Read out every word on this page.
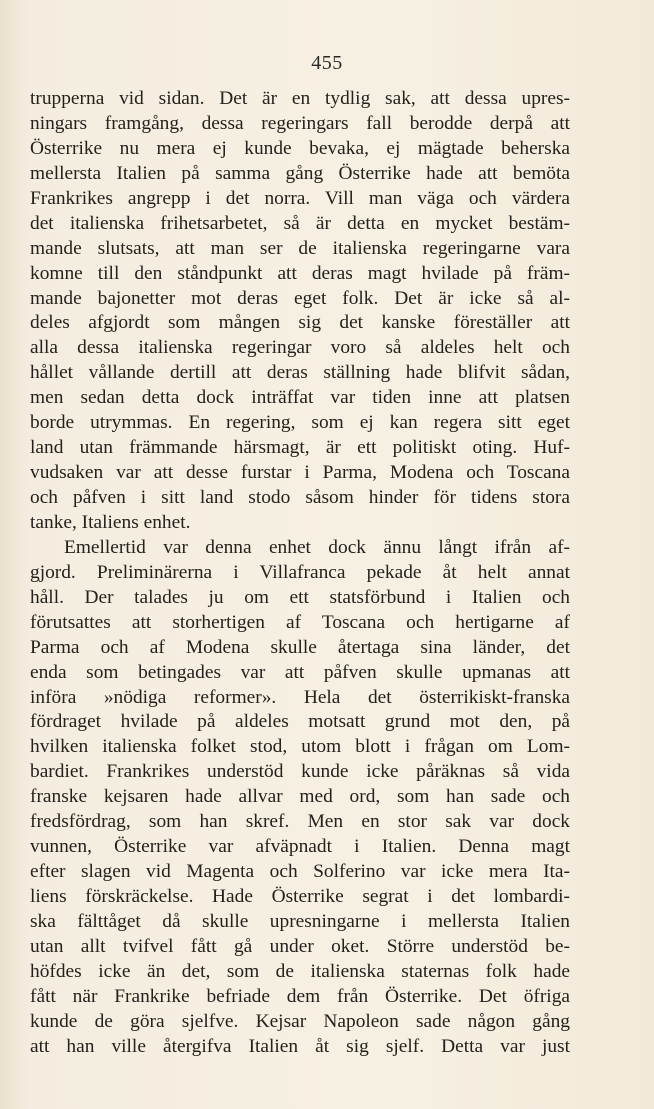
455
trupperna vid sidan. Det är en tydlig sak, att dessa upres-
ningars framgång, dessa regeringars fall berodde derpå att
Österrike nu mera ej kunde bevaka, ej mägtade beherska
mellersta Italien på samma gång Österrike hade att bemöta
Frankrikes angrepp i det norra. Vill man väga och värdera
det italienska frihetsarbetet, så är detta en mycket bestäm-
mande slutsats, att man ser de italienska regeringarne vara
komne till den ståndpunkt att deras magt hvilade på främ-
mande bajonetter mot deras eget folk. Det är icke så al-
deles afgjordt som mången sig det kanske föreställer att
alla dessa italienska regeringar voro så aldeles helt och
hållet vållande dertill att deras ställning hade blifvit sådan,
men sedan detta dock inträffat var tiden inne att platsen
borde utrymmas. En regering, som ej kan regera sitt eget
land utan främmande härsmagt, är ett politiskt oting. Huf-
vudsaken var att desse furstar i Parma, Modena och Toscana
och påfven i sitt land stodo såsom hinder för tidens stora
tanke, Italiens enhet.
Emellertid var denna enhet dock ännu långt ifrån af-
gjord. Preliminärerna i Villafranca pekade åt helt annat
håll. Der talades ju om ett statsförbund i Italien och
förutsattes att storhertigen af Toscana och hertigarne af
Parma och af Modena skulle återtaga sina länder, det
enda som betingades var att påfven skulle upmanas att
införa »nödiga reformer». Hela det österrikiskt-franska
fördraget hvilade på aldeles motsatt grund mot den, på
hvilken italienska folket stod, utom blott i frågan om Lom-
bardiet. Frankrikes understöd kunde icke påräknas så vida
franske kejsaren hade allvar med ord, som han sade och
fredsfördrag, som han skref. Men en stor sak var dock
vunnen, Österrike var afväpnadt i Italien. Denna magt
efter slagen vid Magenta och Solferino var icke mera Ita-
liens förskräckelse. Hade Österrike segrat i det lombardi-
ska fälttåget då skulle upresningarne i mellersta Italien
utan allt tvifvel fått gå under oket. Större understöd be-
höfdes icke än det, som de italienska staternas folk hade
fått när Frankrike befriade dem från Österrike. Det öfriga
kunde de göra sjelfve. Kejsar Napoleon sade någon gång
att han ville återgifva Italien åt sig sjelf. Detta var just
